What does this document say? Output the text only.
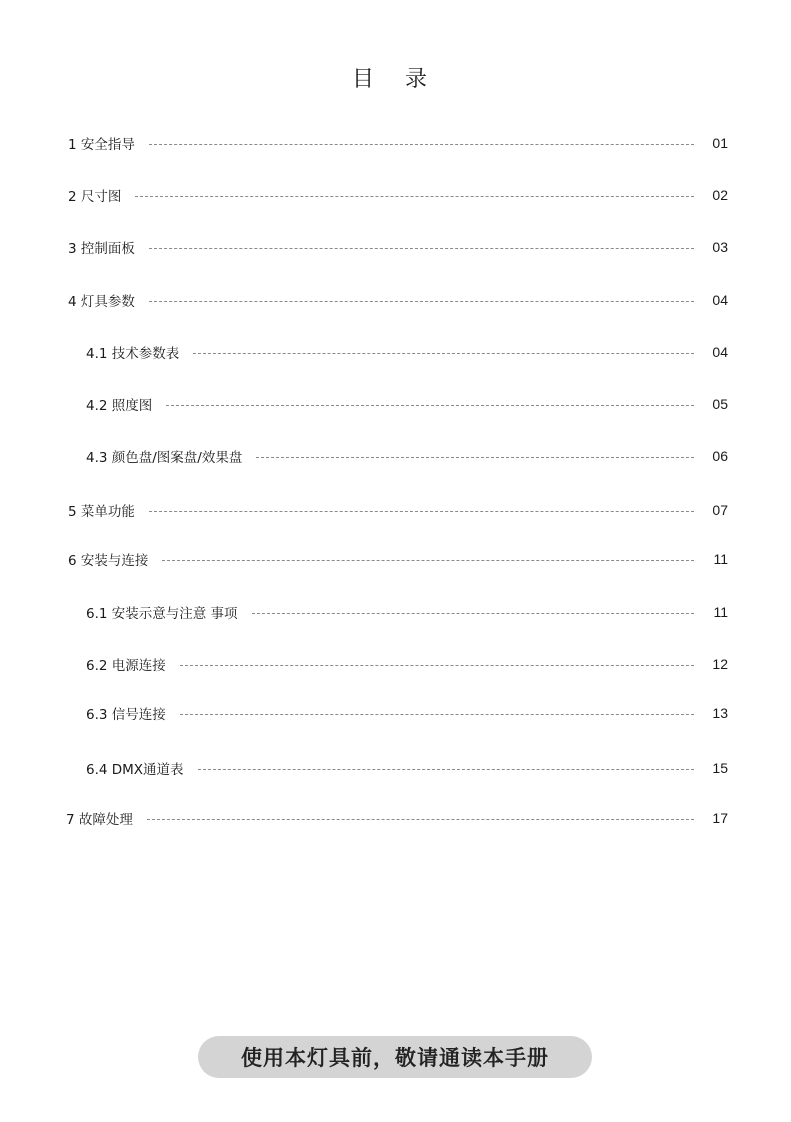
目 录
1 安全指导	01
2 尺寸图	02
3 控制面板	03
4 灯具参数	04
4.1 技术参数表	04
4.2 照度图	05
4.3 颜色盘/图案盘/效果盘	06
5 菜单功能	07
6 安装与连接	11
6.1 安装示意与注意 事项	11
6.2 电源连接	12
6.3 信号连接	13
6.4 DMX通道表	15
7 故障处理	17
使用本灯具前，敬请通读本手册
